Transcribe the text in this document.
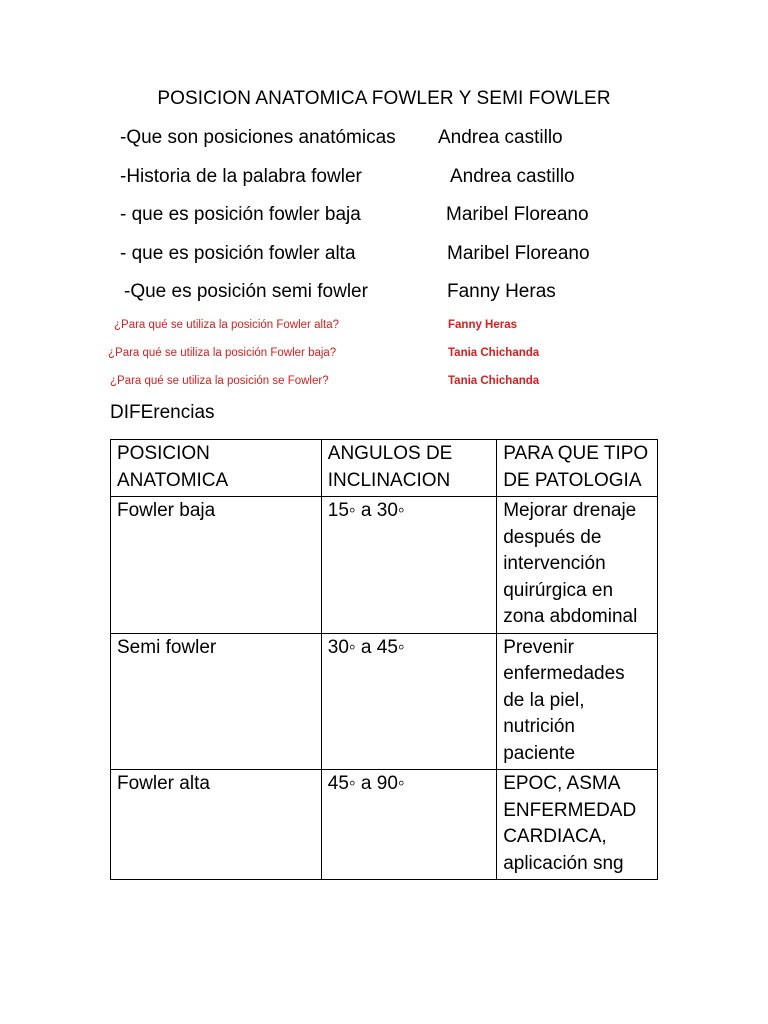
POSICION ANATOMICA FOWLER Y SEMI FOWLER
-Que son posiciones anatómicas Andrea castillo
-Historia de la palabra fowler	Andrea castillo
- que es posición fowler baja	Maribel Floreano
- que es posición fowler alta	Maribel Floreano
-Que es posición semi fowler	Fanny Heras
¿Para qué se utiliza la posición Fowler alta?	Fanny Heras
¿Para qué se utiliza la posición Fowler baja?	Tania Chichanda
¿Para qué se utiliza la posición se Fowler?	Tania Chichanda
DIFErencias
POSICION ANATOMICA	ANGULOS DE INCLINACION	PARA QUE TIPO DE PATOLOGIA
Fowler baja	15◦ a 30◦	Mejorar drenaje después de intervención quirúrgica en zona abdominal
Semi fowler	30◦ a 45◦	Prevenir enfermedades de la piel, nutrición paciente
Fowler alta	45◦ a 90◦	EPOC, ASMA ENFERMEDAD CARDIACA, aplicación sng
